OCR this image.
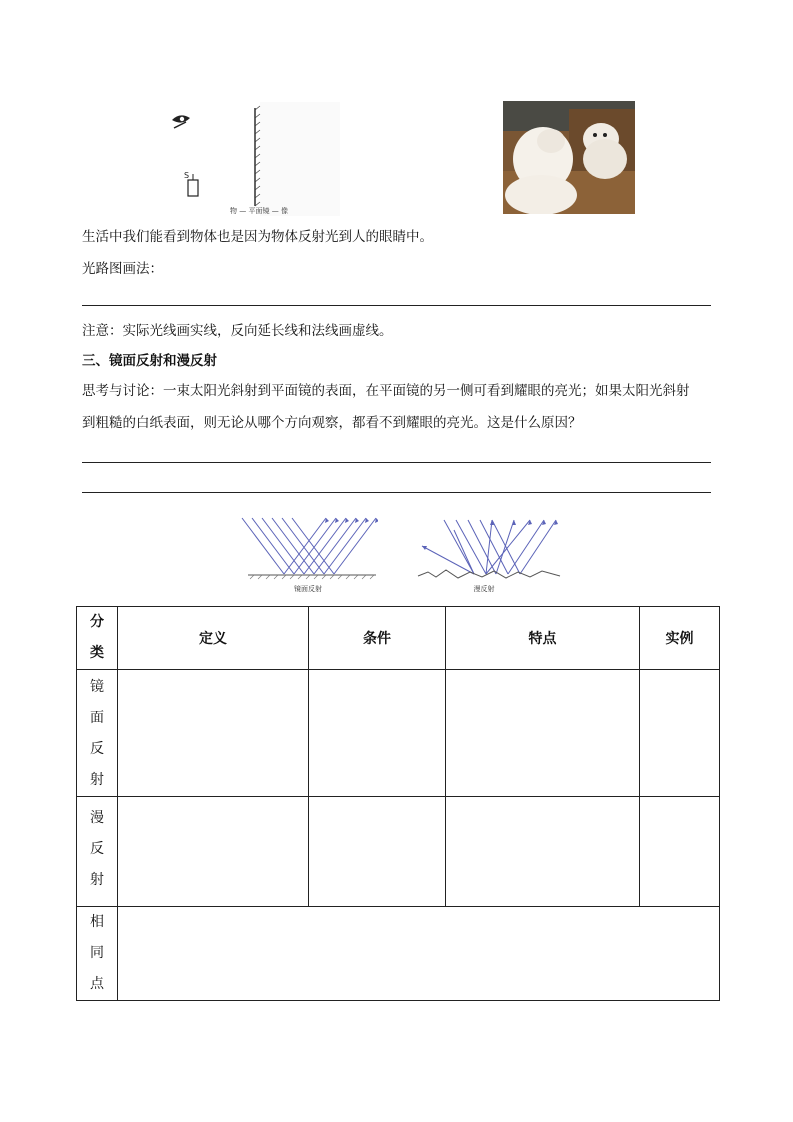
S
物 — 平面镜 — 像
生活中我们能看到物体也是因为物体反射光到人的眼睛中。
光路图画法：
注意：实际光线画实线，反向延长线和法线画虚线。
三、镜面反射和漫反射
思考与讨论：一束太阳光斜射到平面镜的表面，在平面镜的另一侧可看到耀眼的亮光；如果太阳光斜射
到粗糙的白纸表面，则无论从哪个方向观察，都看不到耀眼的亮光。这是什么原因？
镜面反射	漫反射
分
类	定义	条件	特点	实例

镜
面
反
射				

漫
反
射				

相
同
点				
